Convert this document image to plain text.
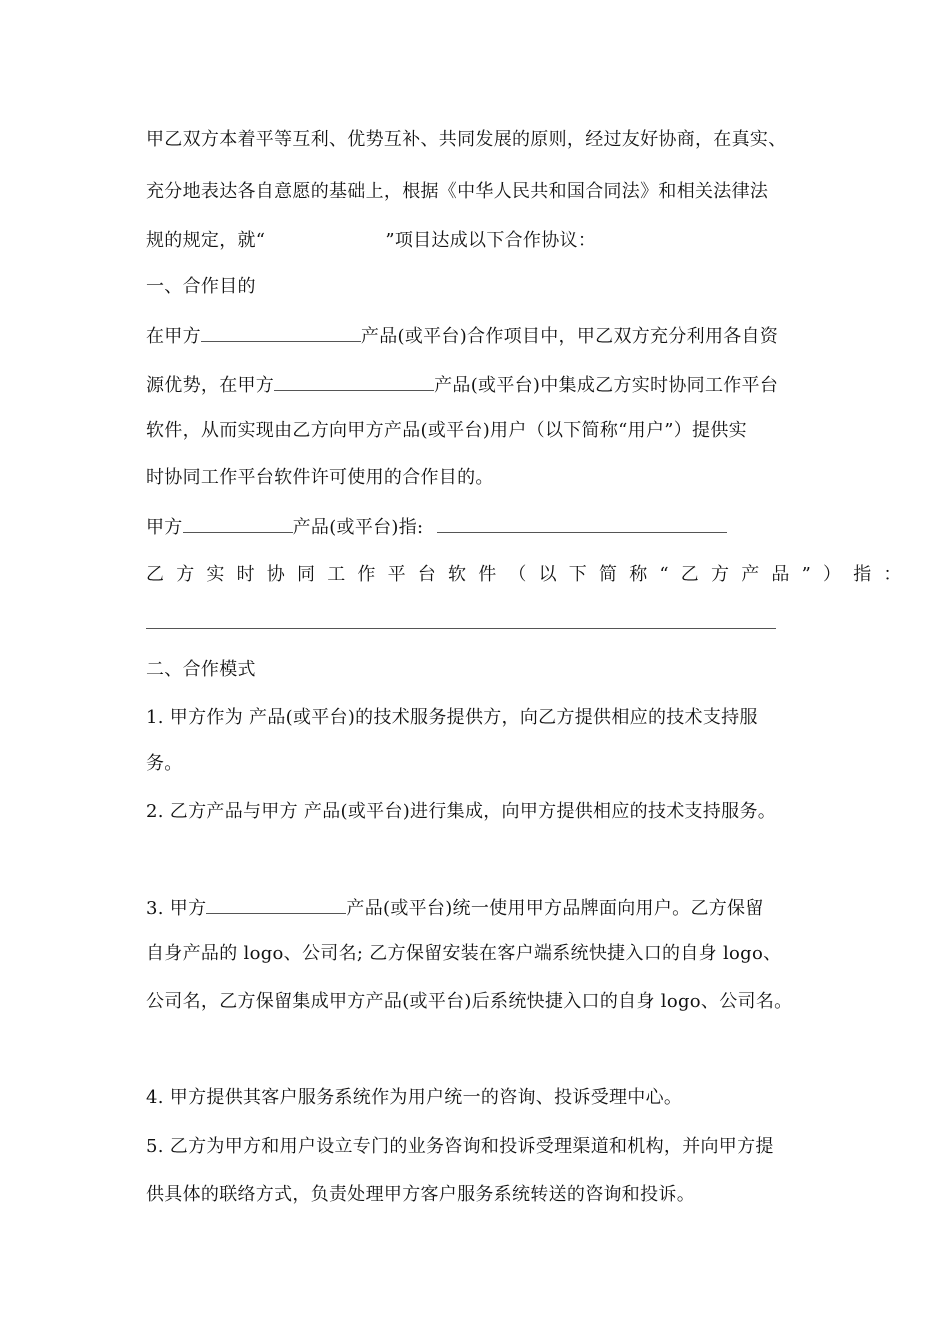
甲乙双方本着平等互利、优势互补、共同发展的原则，经过友好协商，在真实、
充分地表达各自意愿的基础上，根据《中华人民共和国合同法》和相关法律法
规的规定，就“	”项目达成以下合作协议：
一、合作目的
在甲方	产品(或平台)合作项目中，甲乙双方充分利用各自资
源优势，在甲方	产品(或平台)中集成乙方实时协同工作平台
软件，从而实现由乙方向甲方产品(或平台)用户（以下简称“用户”）提供实
时协同工作平台软件许可使用的合作目的。
甲方	产品(或平台)指:
乙方实时协同工作平台软件（以下简称“乙方产品”）指：
二、合作模式
1. 甲方作为 产品(或平台)的技术服务提供方，向乙方提供相应的技术支持服
务。
2. 乙方产品与甲方 产品(或平台)进行集成，向甲方提供相应的技术支持服务。
3. 甲方	产品(或平台)统一使用甲方品牌面向用户。乙方保留
自身产品的 logo、公司名; 乙方保留安装在客户端系统快捷入口的自身 logo、
公司名，乙方保留集成甲方产品(或平台)后系统快捷入口的自身 logo、公司名。
4. 甲方提供其客户服务系统作为用户统一的咨询、投诉受理中心。
5. 乙方为甲方和用户设立专门的业务咨询和投诉受理渠道和机构，并向甲方提
供具体的联络方式，负责处理甲方客户服务系统转送的咨询和投诉。
